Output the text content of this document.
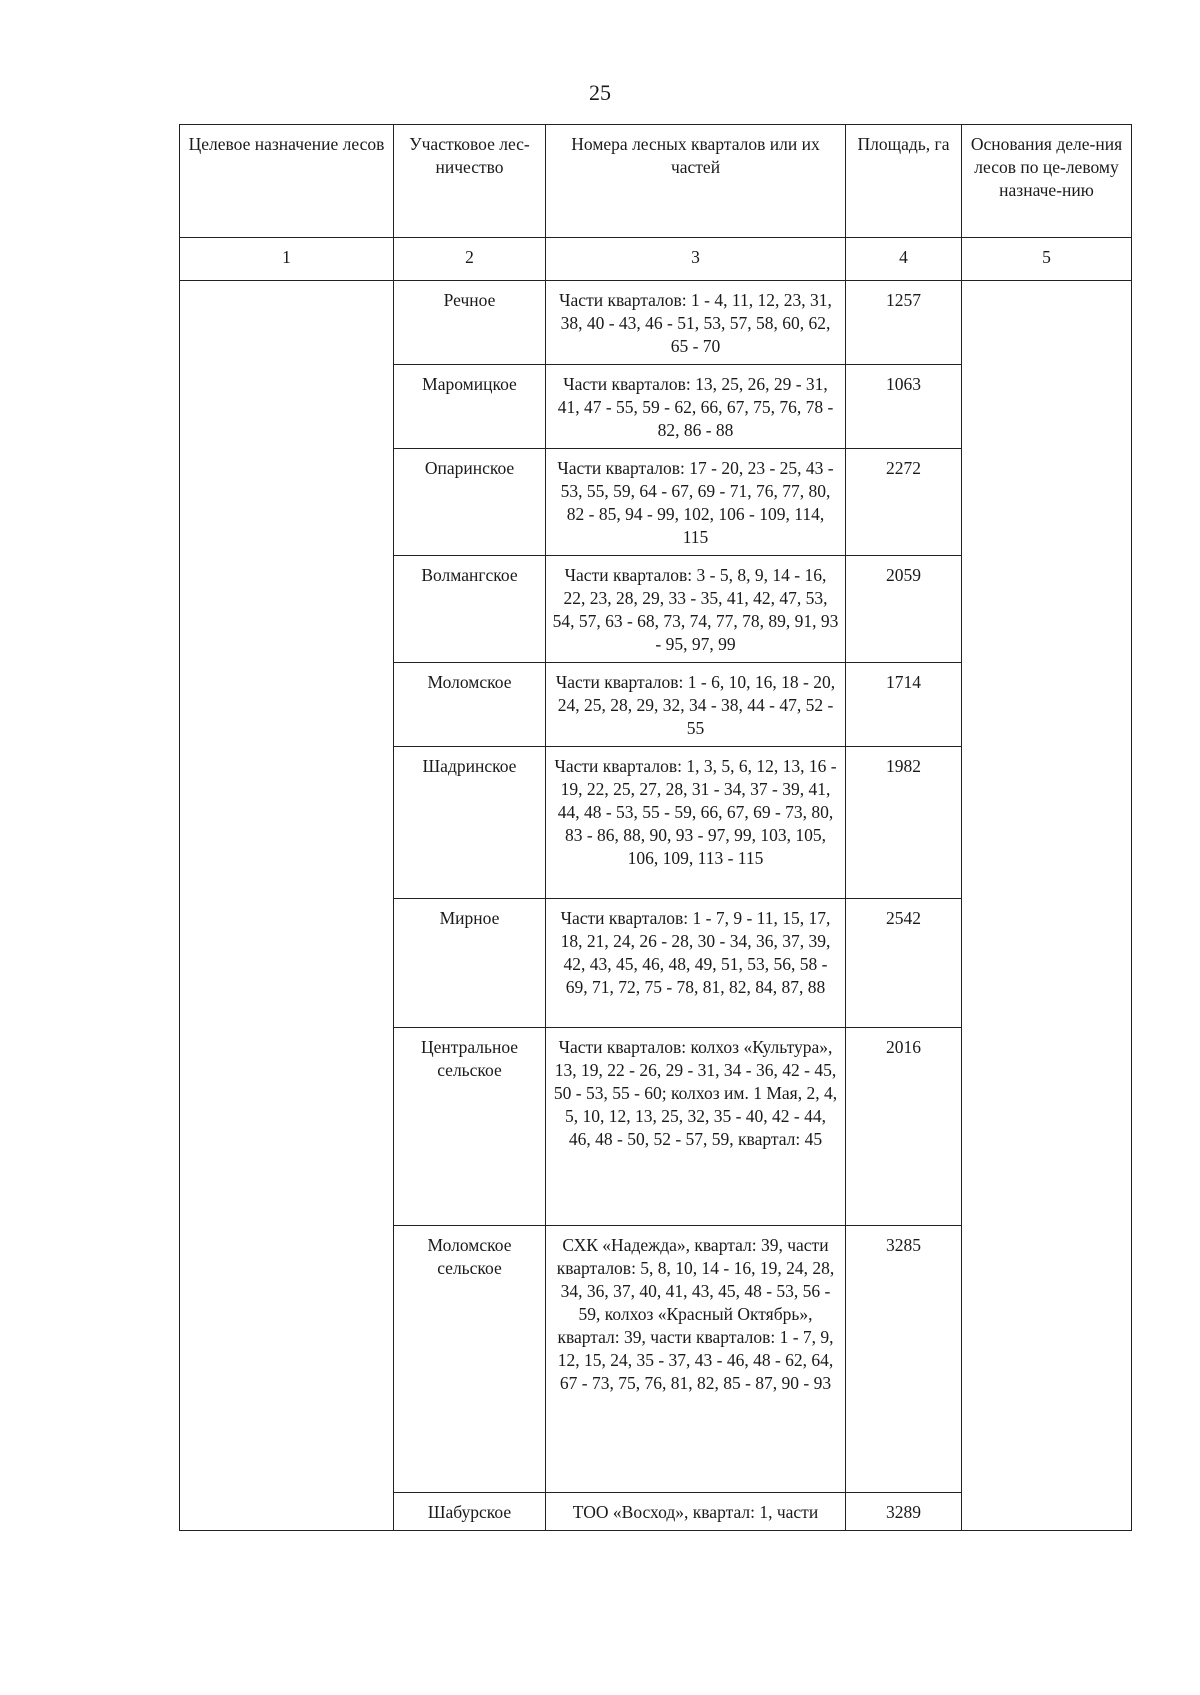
25
Целевое назначение лесов	Участковое лес-ничество	Номера лесных кварталов или их частей	Площадь, га	Основания деле-ния лесов по це-левому назначе-нию
1	2	3	4	5
	Речное	Части кварталов: 1 - 4, 11, 12, 23, 31, 38, 40 - 43, 46 - 51, 53, 57, 58, 60, 62, 65 - 70	1257	
	Маромицкое	Части кварталов: 13, 25, 26, 29 - 31, 41, 47 - 55, 59 - 62, 66, 67, 75, 76, 78 - 82, 86 - 88	1063	
	Опаринское	Части кварталов: 17 - 20, 23 - 25, 43 - 53, 55, 59, 64 - 67, 69 - 71, 76, 77, 80, 82 - 85, 94 - 99, 102, 106 - 109, 114, 115	2272	
	Волмангское	Части кварталов: 3 - 5, 8, 9, 14 - 16, 22, 23, 28, 29, 33 - 35, 41, 42, 47, 53, 54, 57, 63 - 68, 73, 74, 77, 78, 89, 91, 93 - 95, 97, 99	2059	
	Моломское	Части кварталов: 1 - 6, 10, 16, 18 - 20, 24, 25, 28, 29, 32, 34 - 38, 44 - 47, 52 - 55	1714	
	Шадринское	Части кварталов: 1, 3, 5, 6, 12, 13, 16 - 19, 22, 25, 27, 28, 31 - 34, 37 - 39, 41, 44, 48 - 53, 55 - 59, 66, 67, 69 - 73, 80, 83 - 86, 88, 90, 93 - 97, 99, 103, 105, 106, 109, 113 - 115	1982	
	Мирное	Части кварталов: 1 - 7, 9 - 11, 15, 17, 18, 21, 24, 26 - 28, 30 - 34, 36, 37, 39, 42, 43, 45, 46, 48, 49, 51, 53, 56, 58 - 69, 71, 72, 75 - 78, 81, 82, 84, 87, 88	2542	
	Центральное сельское	Части кварталов: колхоз «Культура», 13, 19, 22 - 26, 29 - 31, 34 - 36, 42 - 45, 50 - 53, 55 - 60; колхоз им. 1 Мая, 2, 4, 5, 10, 12, 13, 25, 32, 35 - 40, 42 - 44, 46, 48 - 50, 52 - 57, 59, квартал: 45	2016	
	Моломское сельское	СХК «Надежда», квартал: 39, части кварталов: 5, 8, 10, 14 - 16, 19, 24, 28, 34, 36, 37, 40, 41, 43, 45, 48 - 53, 56 - 59, колхоз «Красный Октябрь», квартал: 39, части кварталов: 1 - 7, 9, 12, 15, 24, 35 - 37, 43 - 46, 48 - 62, 64, 67 - 73, 75, 76, 81, 82, 85 - 87, 90 - 93	3285	
	Шабурское	ТОО «Восход», квартал: 1, части	3289	
